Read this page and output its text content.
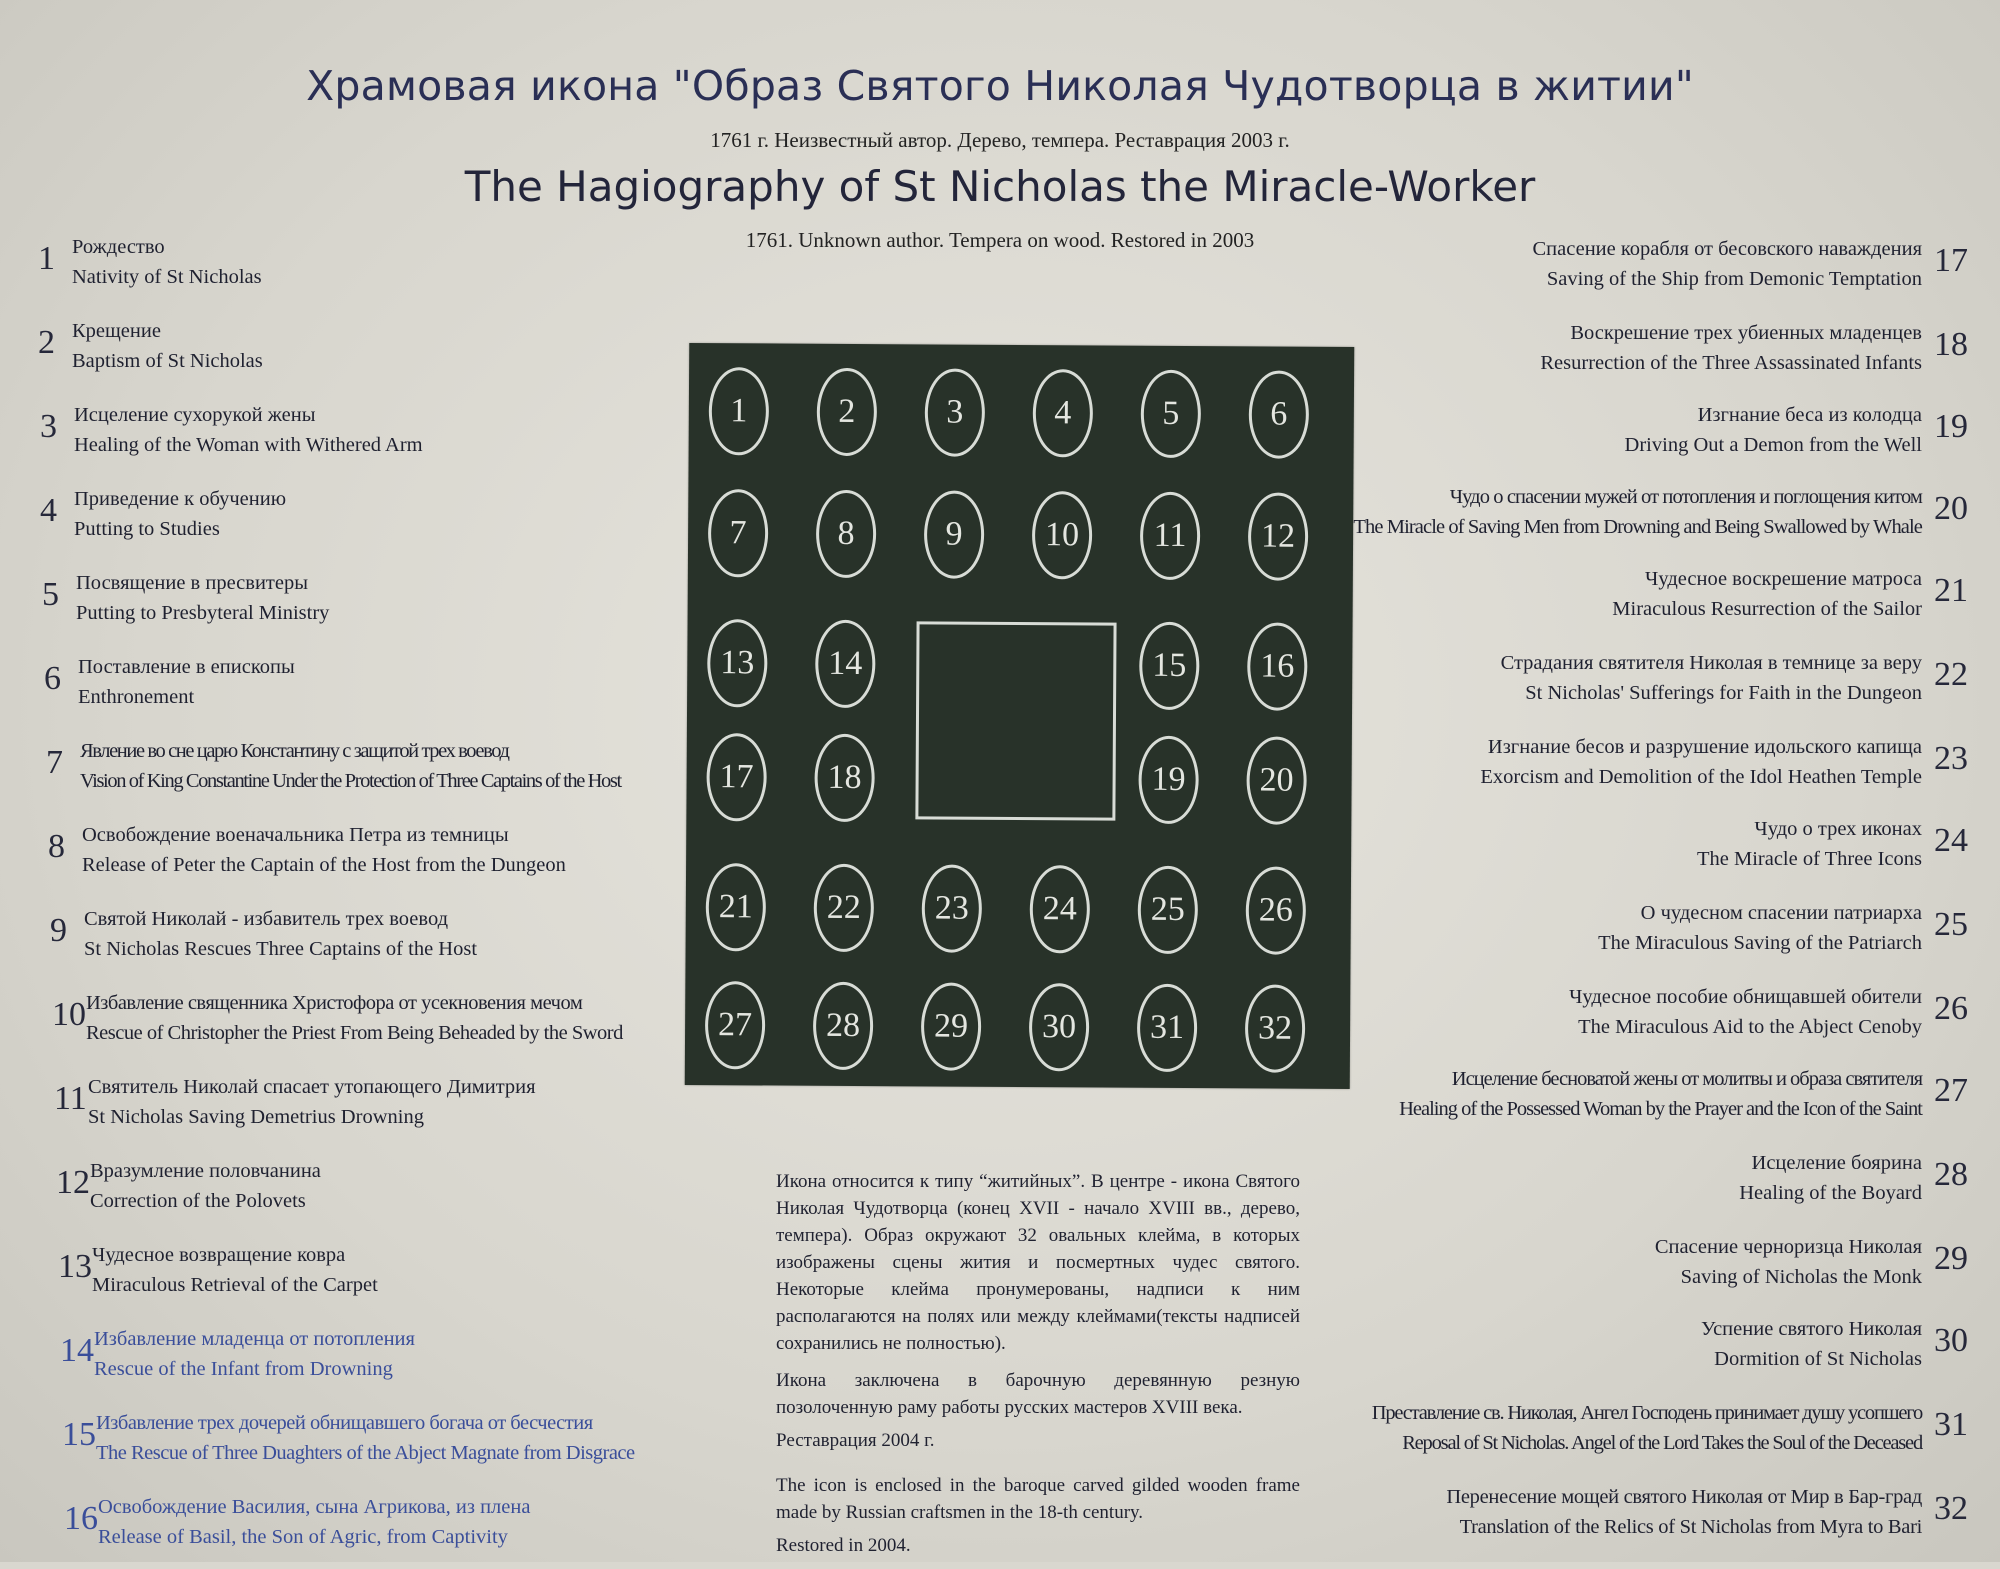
Храмовая икона "Образ Святого Николая Чудотворца в житии"
1761 г. Неизвестный автор. Дерево, темпера. Реставрация 2003 г.
The Hagiography of St Nicholas the Miracle-Worker
1761. Unknown author. Tempera on wood. Restored in 2003
1 Рождество
Nativity of St Nicholas
2 Крещение
Baptism of St Nicholas
3 Исцеление сухорукой жены
Healing of the Woman with Withered Arm
4 Приведение к обучению
Putting to Studies
5 Посвящение в пресвитеры
Putting to Presbyteral Ministry
6 Поставление в епископы
Enthronement
7 Явление во сне царю Константину с защитой трех воевод
Vision of King Constantine Under the Protection of Three Captains of the Host
8 Освобождение военачальника Петра из темницы
Release of Peter the Captain of the Host from the Dungeon
9 Святой Николай - избавитель трех воевод
St Nicholas Rescues Three Captains of the Host
10 Избавление священника Христофора от усекновения мечом
Rescue of Christopher the Priest From Being Beheaded by the Sword
11 Святитель Николай спасает утопающего Димитрия
St Nicholas Saving Demetrius Drowning
12 Вразумление половчанина
Correction of the Polovets
13 Чудесное возвращение ковра
Miraculous Retrieval of the Carpet
14 Избавление младенца от потопления
Rescue of the Infant from Drowning
15 Избавление трех дочерей обнищавшего богача от бесчестия
The Rescue of Three Duaghters of the Abject Magnate from Disgrace
16 Освобождение Василия, сына Агрикова, из плена
Release of Basil, the Son of Agric, from Captivity
17
Спасение корабля от бесовского наваждения
Saving of the Ship from Demonic Temptation
18
Воскрешение трех убиенных младенцев
Resurrection of the Three Assassinated Infants
19
Изгнание беса из колодца
Driving Out a Demon from the Well
20
Чудо о спасении мужей от потопления и поглощения китом
The Miracle of Saving Men from Drowning and Being Swallowed by Whale
21
Чудесное воскрешение матроса
Miraculous Resurrection of the Sailor
22
Страдания святителя Николая в темнице за веру
St Nicholas' Sufferings for Faith in the Dungeon
23
Изгнание бесов и разрушение идольского капища
Exorcism and Demolition of the Idol Heathen Temple
24
Чудо о трех иконах
The Miracle of Three Icons
25
О чудесном спасении патриарха
The Miraculous Saving of the Patriarch
26
Чудесное пособие обнищавшей обители
The Miraculous Aid to the Abject Cenoby
27
Исцеление бесноватой жены от молитвы и образа святителя
Healing of the Possessed Woman by the Prayer and the Icon of the Saint
28
Исцеление боярина
Healing of the Boyard
29
Спасение черноризца Николая
Saving of Nicholas the Monk
30
Успение святого Николая
Dormition of St Nicholas
31
Преставление св. Николая, Ангел Господень принимает душу усопшего
Reposal of St Nicholas. Angel of the Lord Takes the Soul of the Deceased
32
Перенесение мощей святого Николая от Мир в Бар-град
Translation of the Relics of St Nicholas from Myra to Bari
1	2	3	4	5	6
7	8	9	10	11	12
13	14	15	16
17	18	19	20
21	22	23	24	25	26
27	28	29	30	31	32

Икона относится к типу “житийных”. В центре - икона Святого Николая Чудотворца (конец XVII - начало XVIII вв., дерево, темпера). Образ окружают 32 овальных клейма, в которых изображены сцены жития и посмертных чудес святого. Некоторые клейма пронумерованы, надписи к ним располагаются на полях или между клеймами(тексты надписей сохранились не полностью).

Икона заключена в барочную деревянную резную позолоченную раму работы русских мастеров XVIII века.

Реставрация 2004 г.

The icon is enclosed in the baroque carved gilded wooden frame made by Russian craftsmen in the 18-th century.

Restored in 2004.
